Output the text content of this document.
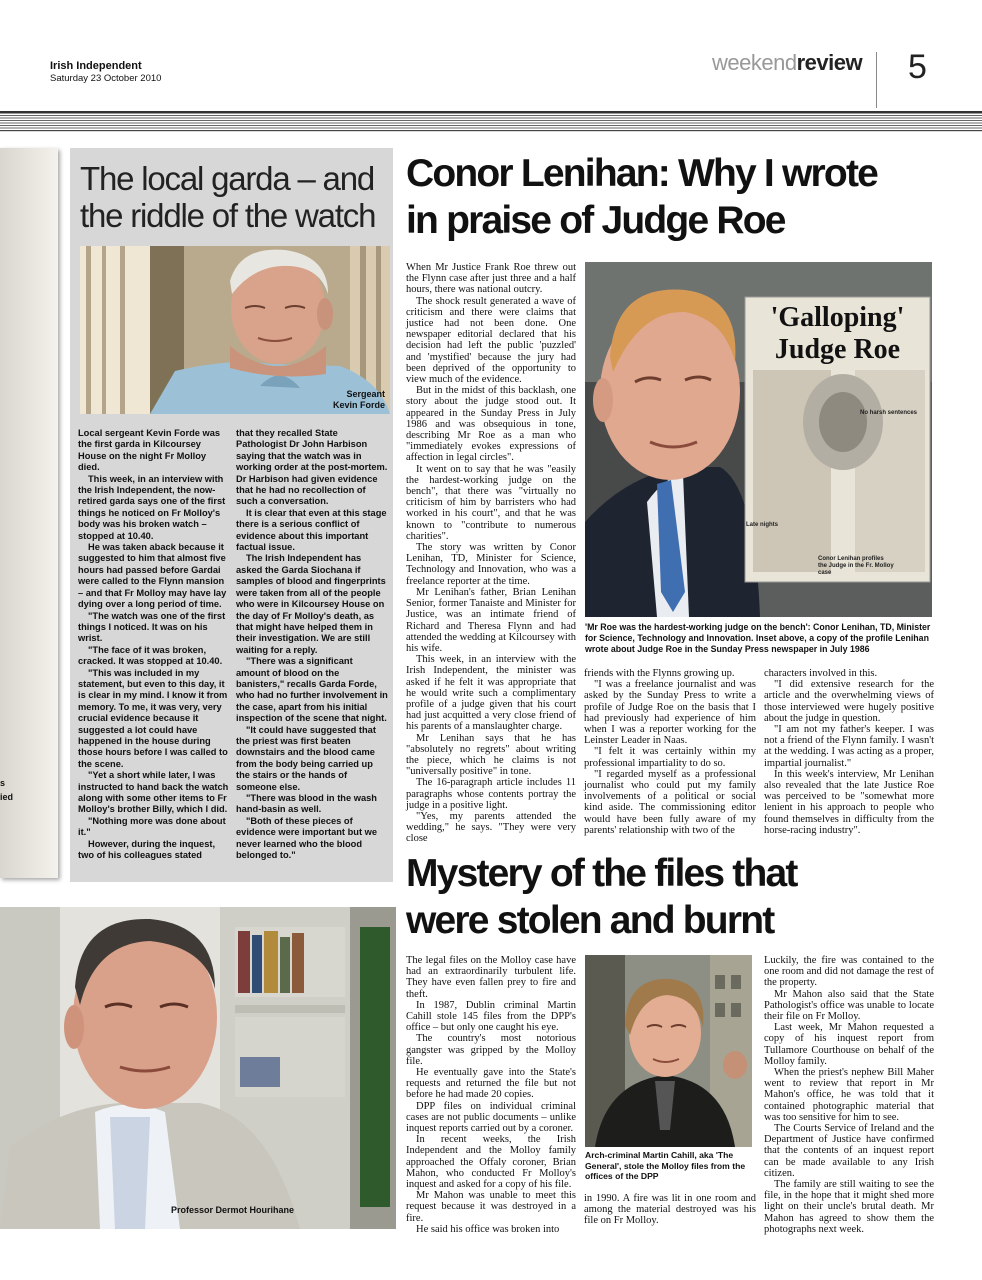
Irish Independent
Saturday 23 October 2010
weekendreview 5
s
ied
The local garda – and
the riddle of the watch
Sergeant
Kevin Forde

Local sergeant Kevin Forde was the first garda in Kilcoursey House on the night Fr Molloy died.

This week, in an interview with the Irish Independent, the now-retired garda says one of the first things he noticed on Fr Molloy's body was his broken watch – stopped at 10.40.

He was taken aback because it suggested to him that almost five hours had passed before Gardai were called to the Flynn mansion – and that Fr Molloy may have lay dying over a long period of time.

"The watch was one of the first things I noticed. It was on his wrist.

"The face of it was broken, cracked. It was stopped at 10.40.

"This was included in my statement, but even to this day, it is clear in my mind. I know it from memory. To me, it was very, very crucial evidence because it suggested a lot could have happened in the house during those hours before I was called to the scene.

"Yet a short while later, I was instructed to hand back the watch along with some other items to Fr Molloy's brother Billy, which I did.

"Nothing more was done about it."

However, during the inquest, two of his colleagues stated

that they recalled State Pathologist Dr John Harbison saying that the watch was in working order at the post-mortem. Dr Harbison had given evidence that he had no recollection of such a conversation.

It is clear that even at this stage there is a serious conflict of evidence about this important factual issue.

The Irish Independent has asked the Garda Siochana if samples of blood and fingerprints were taken from all of the people who were in Kilcoursey House on the day of Fr Molloy's death, as that might have helped them in their investigation. We are still waiting for a reply.

"There was a significant amount of blood on the banisters," recalls Garda Forde, who had no further involvement in the case, apart from his initial inspection of the scene that night.

"It could have suggested that the priest was first beaten downstairs and the blood came from the body being carried up the stairs or the hands of someone else.

"There was blood in the wash hand-basin as well.

"Both of these pieces of evidence were important but we never learned who the blood belonged to."

Conor Lenihan: Why I wrote
in praise of Judge Roe

When Mr Justice Frank Roe threw out the Flynn case after just three and a half hours, there was national outcry.

The shock result generated a wave of criticism and there were claims that justice had not been done. One newspaper editorial declared that his decision had left the public 'puzzled' and 'mystified' because the jury had been deprived of the opportunity to view much of the evidence.

But in the midst of this backlash, one story about the judge stood out. It appeared in the Sunday Press in July 1986 and was obsequious in tone, describing Mr Roe as a man who "immediately evokes expressions of affection in legal circles".

It went on to say that he was "easily the hardest-working judge on the bench", that there was "virtually no criticism of him by barristers who had worked in his court", and that he was known to "contribute to numerous charities".

The story was written by Conor Lenihan, TD, Minister for Science, Technology and Innovation, who was a freelance reporter at the time.

Mr Lenihan's father, Brian Lenihan Senior, former Tanaiste and Minister for Justice, was an intimate friend of Richard and Theresa Flynn and had attended the wedding at Kilcoursey with his wife.

This week, in an interview with the Irish Independent, the minister was asked if he felt it was appropriate that he would write such a complimentary profile of a judge given that his court had just acquitted a very close friend of his parents of a manslaughter charge.

Mr Lenihan says that he has "absolutely no regrets" about writing the piece, which he claims is not "universally positive" in tone.

The 16-paragraph article includes 11 paragraphs whose contents portray the judge in a positive light.

"Yes, my parents attended the wedding," he says. "They were very close

'Galloping'
Judge Roe
No harsh sentences
Late nights
Conor Lenihan profiles the Judge in the Fr. Molloy case
'Mr Roe was the hardest-working judge on the bench': Conor Lenihan, TD, Minister for Science, Technology and Innovation. Inset above, a copy of the profile Lenihan wrote about Judge Roe in the Sunday Press newspaper in July 1986

friends with the Flynns growing up.

"I was a freelance journalist and was asked by the Sunday Press to write a profile of Judge Roe on the basis that I had previously had experience of him when I was a reporter working for the Leinster Leader in Naas.

"I felt it was certainly within my professional impartiality to do so.

"I regarded myself as a professional journalist who could put my family involvements of a political or social kind aside. The commissioning editor would have been fully aware of my parents' relationship with two of the

characters involved in this.

"I did extensive research for the article and the overwhelming views of those interviewed were hugely positive about the judge in question.

"I am not my father's keeper. I was not a friend of the Flynn family. I wasn't at the wedding. I was acting as a proper, impartial journalist."

In this week's interview, Mr Lenihan also revealed that the late Justice Roe was perceived to be "somewhat more lenient in his approach to people who found themselves in difficulty from the horse-racing industry".

Mystery of the files that
were stolen and burnt

The legal files on the Molloy case have had an extraordinarily turbulent life. They have even fallen prey to fire and theft.

In 1987, Dublin criminal Martin Cahill stole 145 files from the DPP's office – but only one caught his eye.

The country's most notorious gangster was gripped by the Molloy file.

He eventually gave into the State's requests and returned the file but not before he had made 20 copies.

DPP files on individual criminal cases are not public documents – unlike inquest reports carried out by a coroner.

In recent weeks, the Irish Independent and the Molloy family approached the Offaly coroner, Brian Mahon, who conducted Fr Molloy's inquest and asked for a copy of his file.

Mr Mahon was unable to meet this request because it was destroyed in a fire.

He said his office was broken into

Arch-criminal Martin Cahill, aka 'The General', stole the Molloy files from the offices of the DPP

in 1990. A fire was lit in one room and among the material destroyed was his file on Fr Molloy.

Luckily, the fire was contained to the one room and did not damage the rest of the property.

Mr Mahon also said that the State Pathologist's office was unable to locate their file on Fr Molloy.

Last week, Mr Mahon requested a copy of his inquest report from Tullamore Courthouse on behalf of the Molloy family.

When the priest's nephew Bill Maher went to review that report in Mr Mahon's office, he was told that it contained photographic material that was too sensitive for him to see.

The Courts Service of Ireland and the Department of Justice have confirmed that the contents of an inquest report can be made available to any Irish citizen.

The family are still waiting to see the file, in the hope that it might shed more light on their uncle's brutal death. Mr Mahon has agreed to show them the photographs next week.

Professor Dermot Hourihane
